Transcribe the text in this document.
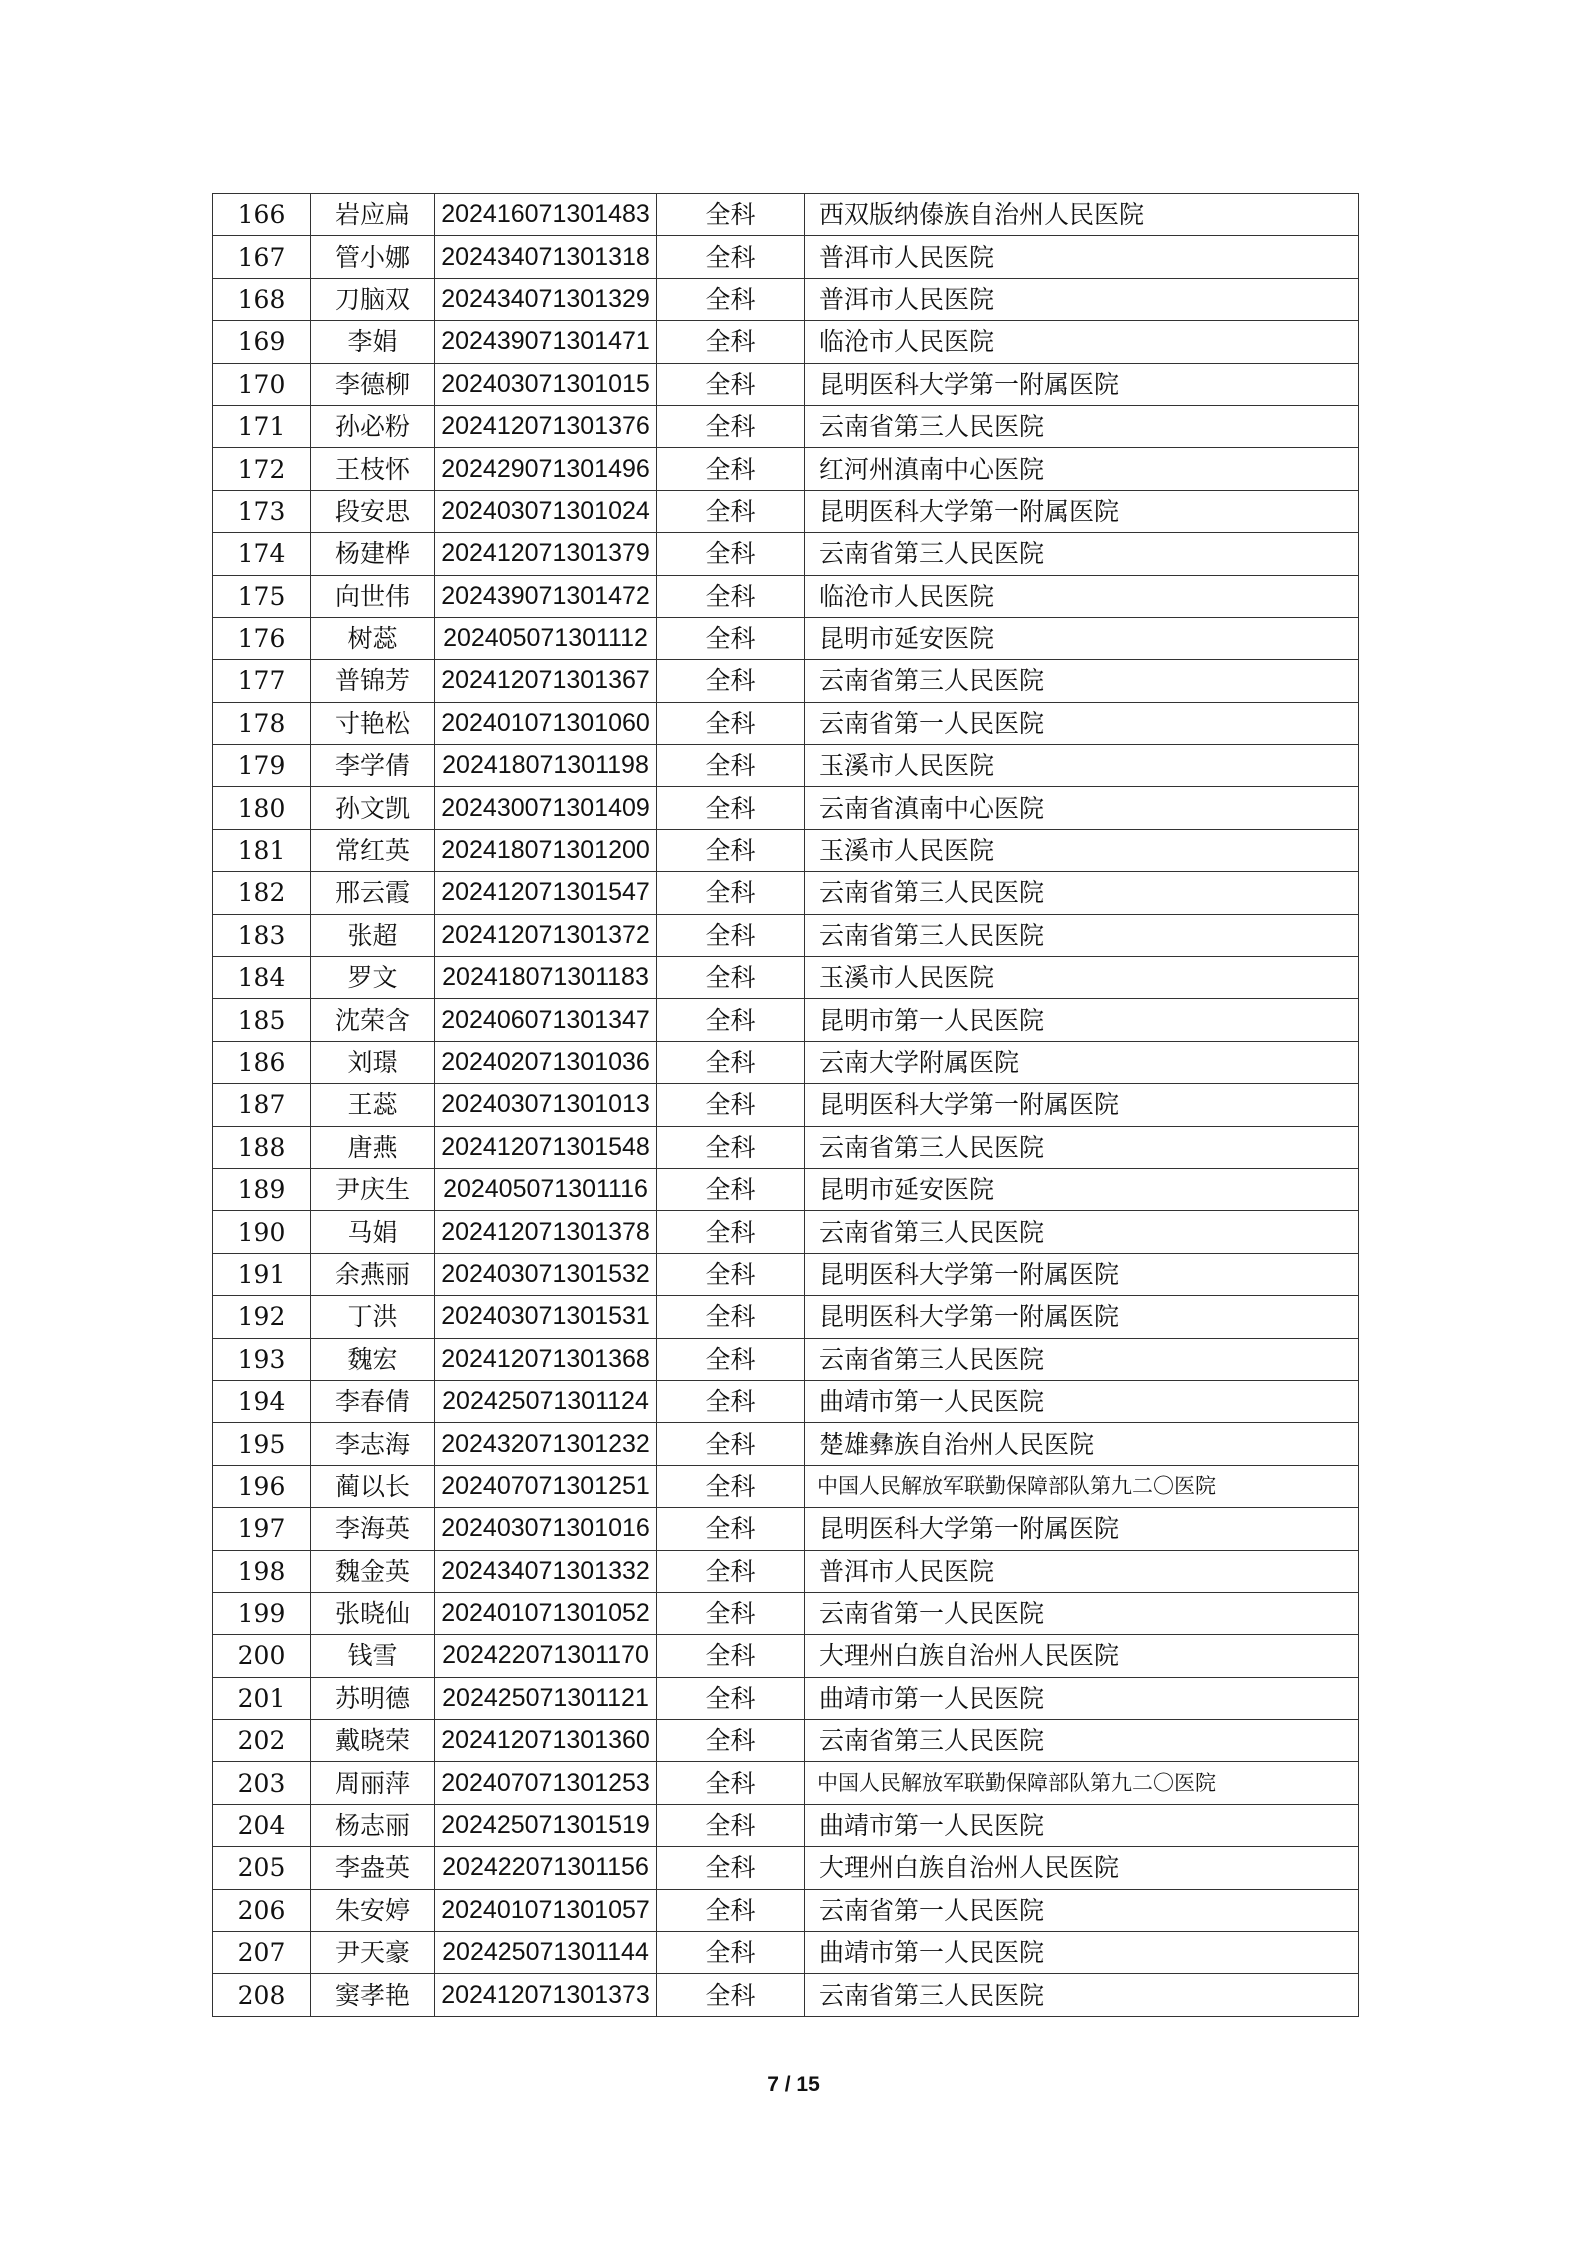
166	岩应扁	202416071301483	全科	西双版纳傣族自治州人民医院
167	管小娜	202434071301318	全科	普洱市人民医院
168	刀脑双	202434071301329	全科	普洱市人民医院
169	李娟	202439071301471	全科	临沧市人民医院
170	李德柳	202403071301015	全科	昆明医科大学第一附属医院
171	孙必粉	202412071301376	全科	云南省第三人民医院
172	王枝怀	202429071301496	全科	红河州滇南中心医院
173	段安思	202403071301024	全科	昆明医科大学第一附属医院
174	杨建桦	202412071301379	全科	云南省第三人民医院
175	向世伟	202439071301472	全科	临沧市人民医院
176	树蕊	202405071301112	全科	昆明市延安医院
177	普锦芳	202412071301367	全科	云南省第三人民医院
178	寸艳松	202401071301060	全科	云南省第一人民医院
179	李学倩	202418071301198	全科	玉溪市人民医院
180	孙文凯	202430071301409	全科	云南省滇南中心医院
181	常红英	202418071301200	全科	玉溪市人民医院
182	邢云霞	202412071301547	全科	云南省第三人民医院
183	张超	202412071301372	全科	云南省第三人民医院
184	罗文	202418071301183	全科	玉溪市人民医院
185	沈荣含	202406071301347	全科	昆明市第一人民医院
186	刘璟	202402071301036	全科	云南大学附属医院
187	王蕊	202403071301013	全科	昆明医科大学第一附属医院
188	唐燕	202412071301548	全科	云南省第三人民医院
189	尹庆生	202405071301116	全科	昆明市延安医院
190	马娟	202412071301378	全科	云南省第三人民医院
191	余燕丽	202403071301532	全科	昆明医科大学第一附属医院
192	丁洪	202403071301531	全科	昆明医科大学第一附属医院
193	魏宏	202412071301368	全科	云南省第三人民医院
194	李春倩	202425071301124	全科	曲靖市第一人民医院
195	李志海	202432071301232	全科	楚雄彝族自治州人民医院
196	蔺以长	202407071301251	全科	中国人民解放军联勤保障部队第九二〇医院
197	李海英	202403071301016	全科	昆明医科大学第一附属医院
198	魏金英	202434071301332	全科	普洱市人民医院
199	张晓仙	202401071301052	全科	云南省第一人民医院
200	钱雪	202422071301170	全科	大理州白族自治州人民医院
201	苏明德	202425071301121	全科	曲靖市第一人民医院
202	戴晓荣	202412071301360	全科	云南省第三人民医院
203	周丽萍	202407071301253	全科	中国人民解放军联勤保障部队第九二〇医院
204	杨志丽	202425071301519	全科	曲靖市第一人民医院
205	李盎英	202422071301156	全科	大理州白族自治州人民医院
206	朱安婷	202401071301057	全科	云南省第一人民医院
207	尹天豪	202425071301144	全科	曲靖市第一人民医院
208	窦孝艳	202412071301373	全科	云南省第三人民医院
7 / 15
